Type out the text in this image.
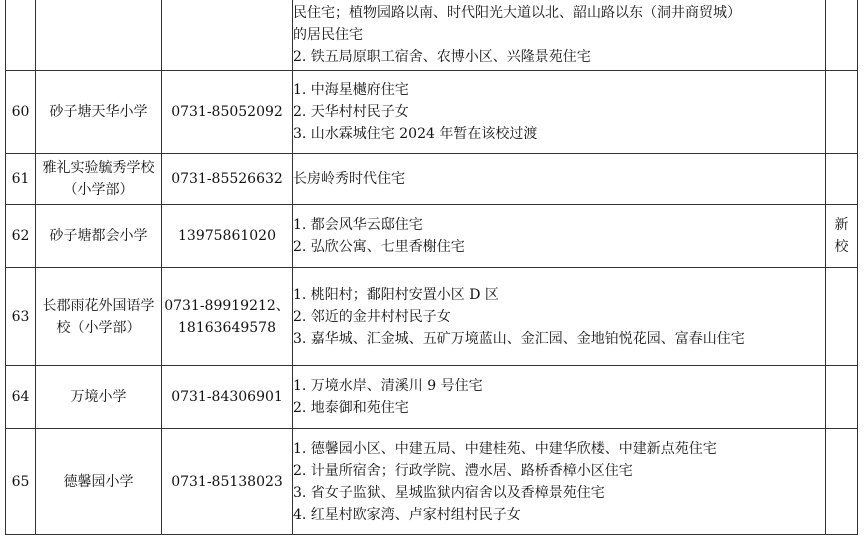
			民住宅；植物园路以南、时代阳光大道以北、韶山路以东（洞井商贸城）
的居民住宅
2. 铁五局原职工宿舍、农博小区、兴隆景苑住宅	

60	砂子塘天华小学	0731-85052092	1. 中海星樾府住宅
2. 天华村村民子女
3. 山水霖城住宅 2024 年暂在该校过渡	

61	雅礼实验毓秀学校（小学部）	0731-85526632	长房岭秀时代住宅	

62	砂子塘都会小学	13975861020	1. 都会风华云邸住宅
2. 弘欣公寓、七里香榭住宅	新
校

63	长郡雨花外国语学校（小学部）	0731-89919212、18163649578	1. 桃阳村；鄱阳村安置小区 D 区
2. 邻近的金井村村民子女
3. 嘉华城、汇金城、五矿万境蓝山、金汇园、金地铂悦花园、富春山住宅	

64	万境小学	0731-84306901	1. 万境水岸、清溪川 9 号住宅
2. 地泰御和苑住宅	

65	德馨园小学	0731-85138023	1. 德馨园小区、中建五局、中建桂苑、中建华欣楼、中建新点苑住宅
2. 计量所宿舍；行政学院、澧水居、路桥香樟小区住宅
3. 省女子监狱、星城监狱内宿舍以及香樟景苑住宅
4. 红星村欧家湾、卢家村组村民子女	
